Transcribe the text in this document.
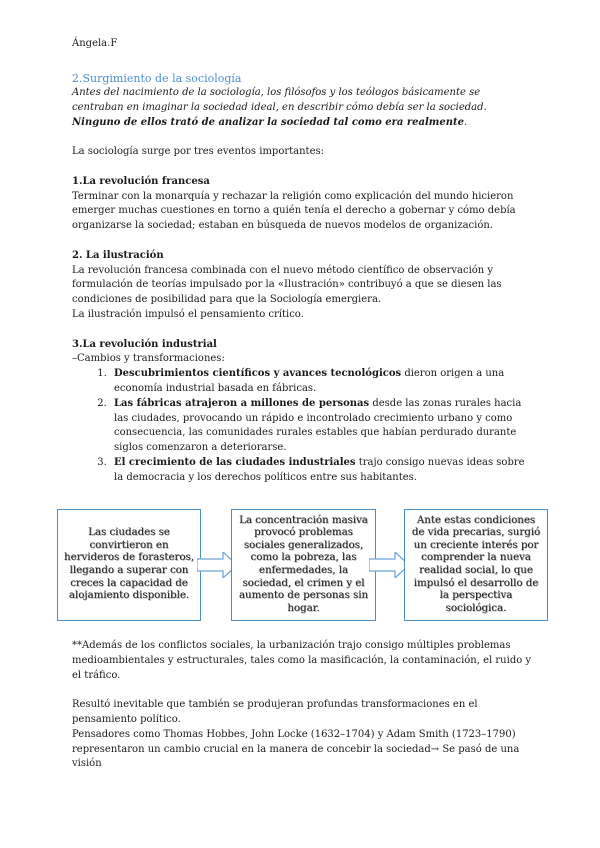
Ángela.F

2.Surgimiento de la sociología

Antes del nacimiento de la sociología, los filósofos y los teólogos básicamente se centraban en imaginar la sociedad ideal, en describir cómo debía ser la sociedad. Ninguno de ellos trató de analizar la sociedad tal como era realmente.

La sociología surge por tres eventos importantes:

1.La revolución francesa

Terminar con la monarquía y rechazar la religión como explicación del mundo hicieron emerger muchas cuestiones en torno a quién tenía el derecho a gobernar y cómo debía organizarse la sociedad; estaban en búsqueda de nuevos modelos de organización.

2. La ilustración

La revolución francesa combinada con el nuevo método científico de observación y formulación de teorías impulsado por la «Ilustración» contribuyó a que se diesen las condiciones de posibilidad para que la Sociología emergiera.

La ilustración impulsó el pensamiento crítico.

3.La revolución industrial

–Cambios y transformaciones:

1. Descubrimientos científicos y avances tecnológicos dieron origen a una economía industrial basada en fábricas.
2. Las fábricas atrajeron a millones de personas desde las zonas rurales hacia las ciudades, provocando un rápido e incontrolado crecimiento urbano y como consecuencia, las comunidades rurales estables que habían perdurado durante siglos comenzaron a deteriorarse.
3. El crecimiento de las ciudades industriales trajo consigo nuevas ideas sobre la democracia y los derechos políticos entre sus habitantes.
Las ciudades se convirtieron en hervideros de forasteros, llegando a superar con creces la capacidad de alojamiento disponible.
La concentración masiva provocó problemas sociales generalizados, como la pobreza, las enfermedades, la sociedad, el crimen y el aumento de personas sin hogar.
Ante estas condiciones de vida precarias, surgió un creciente interés por comprender la nueva realidad social, lo que impulsó el desarrollo de la perspectiva sociológica.

**Además de los conflictos sociales, la urbanización trajo consigo múltiples problemas medioambientales y estructurales, tales como la masificación, la contaminación, el ruido y el tráfico.

Resultó inevitable que también se produjeran profundas transformaciones en el pensamiento político.

Pensadores como Thomas Hobbes, John Locke (1632–1704) y Adam Smith (1723–1790) representaron un cambio crucial en la manera de concebir la sociedad→ Se pasó de una visión
